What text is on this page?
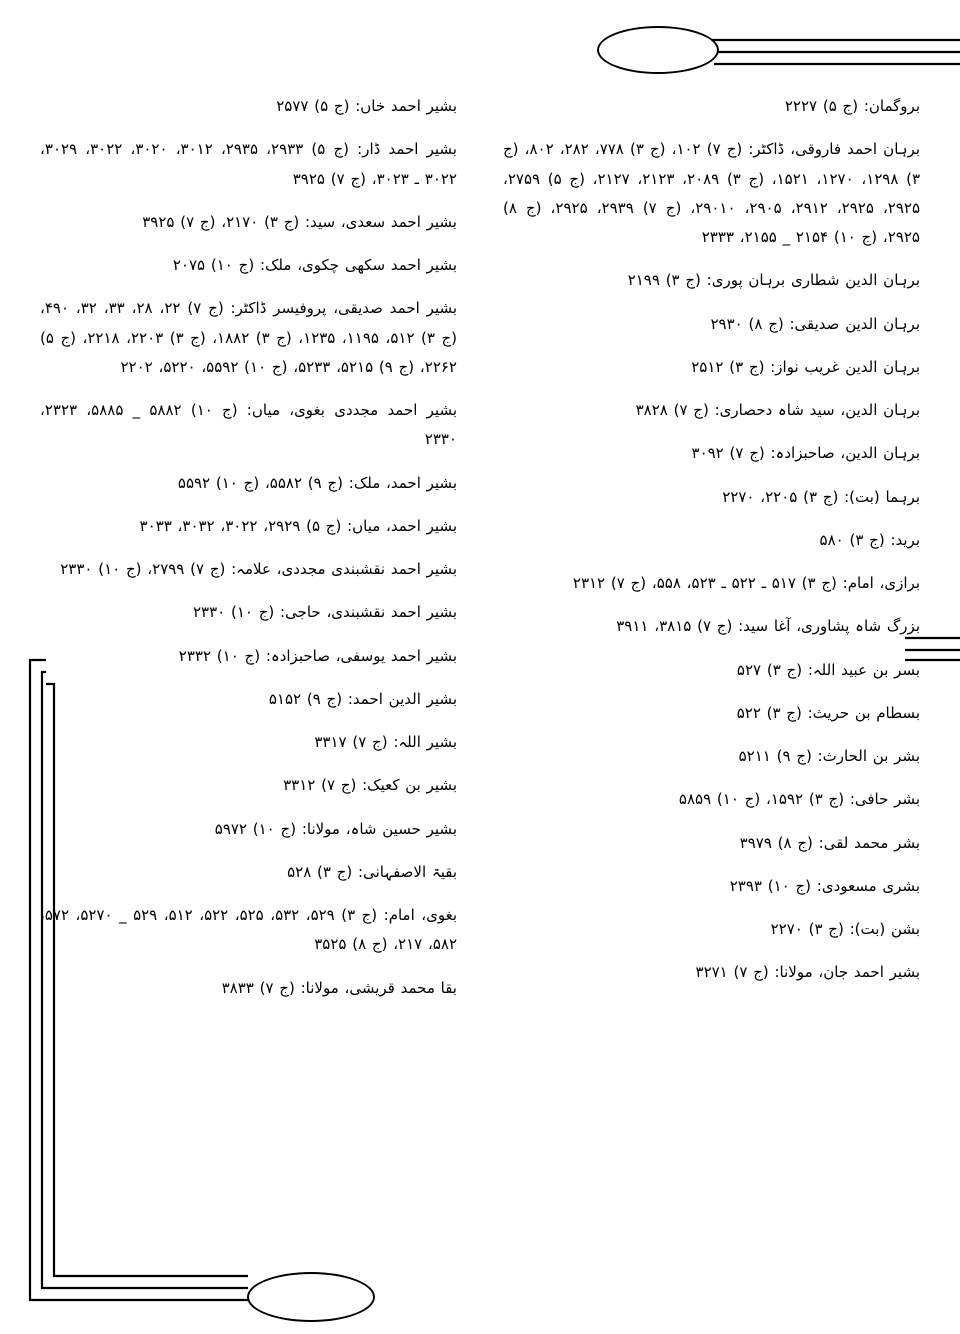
بروگمان: (ج ۵) ۲۲۲۷
برہان احمد فاروقی، ڈاکٹر: (ج ۷) ۱۰۲، (ج ۳) ۷۷۸، ۲۸۲، ۸۰۲، (ج ۳) ۱۲۹۸، ۱۲۷۰، ۱۵۲۱، (ج ۳) ۲۰۸۹، ۲۱۲۳، ۲۱۲۷، (ج ۵) ۲۷۵۹، ۲۹۲۵، ۲۹۲۵، ۲۹۱۲، ۲۹۰۵، ۲۹۰۱۰، (ج ۷) ۲۹۳۹، ۲۹۲۵، (ج ۸) ۲۹۲۵، (ج ۱۰) ۲۱۵۴ _ ۲۱۵۵، ۲۳۳۳
برہان الدین شطاری برہان پوری: (ج ۳) ۲۱۹۹
برہان الدین صدیقی: (ج ۸) ۲۹۳۰
برہان الدین غریب نواز: (ج ۳) ۲۵۱۲
برہان الدین، سید شاہ دحصاری: (ج ۷) ۳۸۲۸
برہان الدین، صاحبزادہ: (ج ۷) ۳۰۹۲
برہما (بت): (ج ۳) ۲۲۰۵، ۲۲۷۰
برید: (ج ۳) ۵۸۰
برازی، امام: (ج ۳) ۵۱۷ ـ ۵۲۲ ـ ۵۲۳، ۵۵۸، (ج ۷) ۲۳۱۲
بزرگ شاہ پشاوری، آغا سید: (ج ۷) ۳۸۱۵، ۳۹۱۱
بسر بن عبید اللہ: (ج ۳) ۵۲۷
بسطام بن حریث: (ج ۳) ۵۲۲
بشر بن الحارث: (ج ۹) ۵۲۱۱
بشر حافی: (ج ۳) ۱۵۹۲، (ج ۱۰) ۵۸۵۹
بشر محمد لقی: (ج ۸) ۳۹۷۹
بشری مسعودی: (ج ۱۰) ۲۳۹۳
بشن (بت): (ج ۳) ۲۲۷۰
بشیر احمد جان، مولانا: (ج ۷) ۳۲۷۱
بشیر احمد خاں: (ج ۵) ۲۵۷۷
بشیر احمد ڈار: (ج ۵) ۲۹۳۳، ۲۹۳۵، ۳۰۱۲، ۳۰۲۰، ۳۰۲۲، ۳۰۲۹، ۳۰۲۲ ـ ۳۰۲۳، (ج ۷) ۳۹۲۵
بشیر احمد سعدی، سید: (ج ۳) ۲۱۷۰، (ج ۷) ۳۹۲۵
بشیر احمد سکھی چکوی، ملک: (ج ۱۰) ۲۰۷۵
بشیر احمد صدیقی، پروفیسر ڈاکٹر: (ج ۷) ۲۲، ۲۸، ۳۳، ۳۲، ۴۹۰، (ج ۳) ۵۱۲، ۱۱۹۵، ۱۲۳۵، (ج ۳) ۱۸۸۲، (ج ۳) ۲۲۰۳، ۲۲۱۸، (ج ۵) ۲۲۶۲، (ج ۹) ۵۲۱۵، ۵۲۳۳، (ج ۱۰) ۵۵۹۲، ۵۲۲۰، ۲۲۰۲
بشیر احمد مجددی بغوی، میاں: (ج ۱۰) ۵۸۸۲ _ ۵۸۸۵، ۲۳۲۳، ۲۳۳۰
بشیر احمد، ملک: (ج ۹) ۵۵۸۲، (ج ۱۰) ۵۵۹۲
بشیر احمد، میاں: (ج ۵) ۲۹۲۹، ۳۰۲۲، ۳۰۳۲، ۳۰۳۳
بشیر احمد نقشبندی مجددی، علامہ: (ج ۷) ۲۷۹۹، (ج ۱۰) ۲۳۳۰
بشیر احمد نقشبندی، حاجی: (ج ۱۰) ۲۳۳۰
بشیر احمد یوسفی، صاحبزادہ: (ج ۱۰) ۲۳۳۲
بشیر الدین احمد: (ج ۹) ۵۱۵۲
بشیر اللہ: (ج ۷) ۳۳۱۷
بشیر بن کعیک: (ج ۷) ۳۳۱۲
بشیر حسین شاہ، مولانا: (ج ۱۰) ۵۹۷۲
بقیۃ الاصفہانی: (ج ۳) ۵۲۸
بغوی، امام: (ج ۳) ۵۲۹، ۵۳۲، ۵۲۵، ۵۲۲، ۵۱۲، ۵۲۹ _ ۵۲۷۰، ۵۷۲، ۵۸۲، ۲۱۷، (ج ۸) ۳۵۲۵
بقا محمد قریشی، مولانا: (ج ۷) ۳۸۳۳
